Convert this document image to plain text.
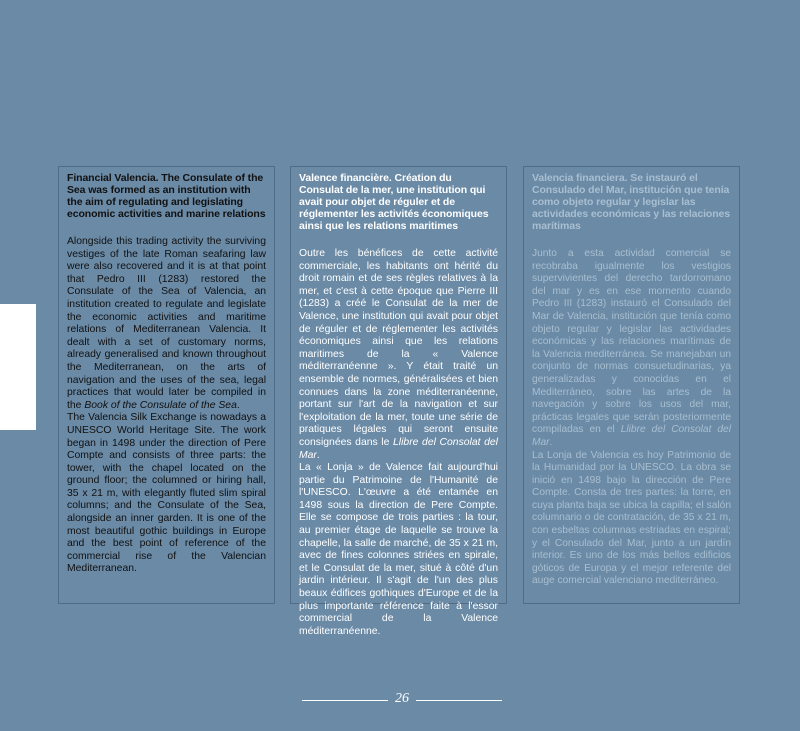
Financial Valencia. The Consulate of the Sea was formed as an institution with the aim of regulating and legislating economic activities and marine relations

Alongside this trading activity the surviving vestiges of the late Roman seafaring law were also recovered and it is at that point that Pedro III (1283) restored the Consulate of the Sea of Valencia, an institution created to regulate and legislate the economic activities and maritime relations of Mediterranean Valencia. It dealt with a set of customary norms, already generalised and known throughout the Mediterranean, on the arts of navigation and the uses of the sea, legal practices that would later be compiled in the Book of the Consulate of the Sea.

The Valencia Silk Exchange is nowadays a UNESCO World Heritage Site. The work began in 1498 under the direction of Pere Compte and consists of three parts: the tower, with the chapel located on the ground floor; the columned or hiring hall, 35 x 21 m, with elegantly fluted slim spiral columns; and the Consulate of the Sea, alongside an inner garden. It is one of the most beautiful gothic buildings in Europe and the best point of reference of the commercial rise of the Valencian Mediterranean.

Valence financière. Création du Consulat de la mer, une institution qui avait pour objet de réguler et de réglementer les activités économiques ainsi que les relations maritimes

Outre les bénéfices de cette activité commerciale, les habitants ont hérité du droit romain et de ses règles relatives à la mer, et c'est à cette époque que Pierre III (1283) a créé le Consulat de la mer de Valence, une institution qui avait pour objet de réguler et de réglementer les activités économiques ainsi que les relations maritimes de la « Valence méditerranéenne ». Y était traité un ensemble de normes, généralisées et bien connues dans la zone méditerranéenne, portant sur l'art de la navigation et sur l'exploitation de la mer, toute une série de pratiques légales qui seront ensuite consignées dans le Llibre del Consolat del Mar.

La « Lonja » de Valence fait aujourd'hui partie du Patrimoine de l'Humanité de l'UNESCO. L'œuvre a été entamée en 1498 sous la direction de Pere Compte. Elle se compose de trois parties : la tour, au premier étage de laquelle se trouve la chapelle, la salle de marché, de 35 x 21 m, avec de fines colonnes striées en spirale, et le Consulat de la mer, situé à côté d'un jardin intérieur. Il s'agit de l'un des plus beaux édifices gothiques d'Europe et de la plus importante référence faite à l'essor commercial de la Valence méditerranéenne.

Valencia financiera. Se instauró el Consulado del Mar, institución que tenía como objeto regular y legislar las actividades económicas y las relaciones marítimas

Junto a esta actividad comercial se recobraba igualmente los vestigios supervivientes del derecho tardorromano del mar y es en ese momento cuando Pedro III (1283) instauró el Consulado del Mar de Valencia, institución que tenía como objeto regular y legislar las actividades económicas y las relaciones marítimas de la Valencia mediterránea. Se manejaban un conjunto de normas consuetudinarias, ya generalizadas y conocidas en el Mediterráneo, sobre las artes de la navegación y sobre los usos del mar, prácticas legales que serán posteriormente compiladas en el Llibre del Consolat del Mar.

La Lonja de Valencia es hoy Patrimonio de la Humanidad por la UNESCO. La obra se inició en 1498 bajo la dirección de Pere Compte. Consta de tres partes: la torre, en cuya planta baja se ubica la capilla; el salón columnario o de contratación, de 35 x 21 m, con esbeltas columnas estriadas en espiral; y el Consulado del Mar, junto a un jardín interior. Es uno de los más bellos edificios góticos de Europa y el mejor referente del auge comercial valenciano mediterráneo.

26
